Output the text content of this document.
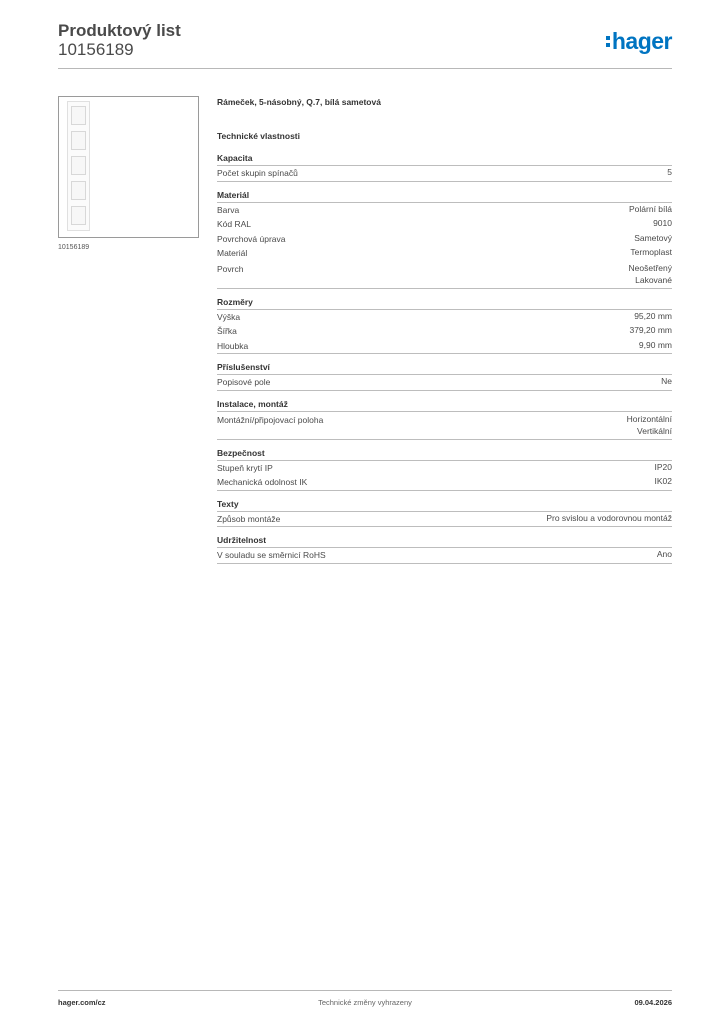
Produktový list
10156189	hager
10156189
Rámeček, 5-násobný, Q.7, bílá sametová
Technické vlastnosti
Kapacita
Počet skupin spínačů	5
Materiál
Barva	Polární bílá
Kód RAL	9010
Povrchová úprava	Sametový
Materiál	Termoplast
Povrch	Neošetřený
Lakované
Rozměry
Výška	95,20 mm
Šířka	379,20 mm
Hloubka	9,90 mm
Příslušenství
Popisové pole	Ne
Instalace, montáž
Montážní/připojovací poloha	Horizontální
Vertikální
Bezpečnost
Stupeň krytí IP	IP20
Mechanická odolnost IK	IK02
Texty
Způsob montáže	Pro svislou a vodorovnou montáž
Udržitelnost
V souladu se směrnicí RoHS	Ano
hager.com/cz	Technické změny vyhrazeny	09.04.2026
